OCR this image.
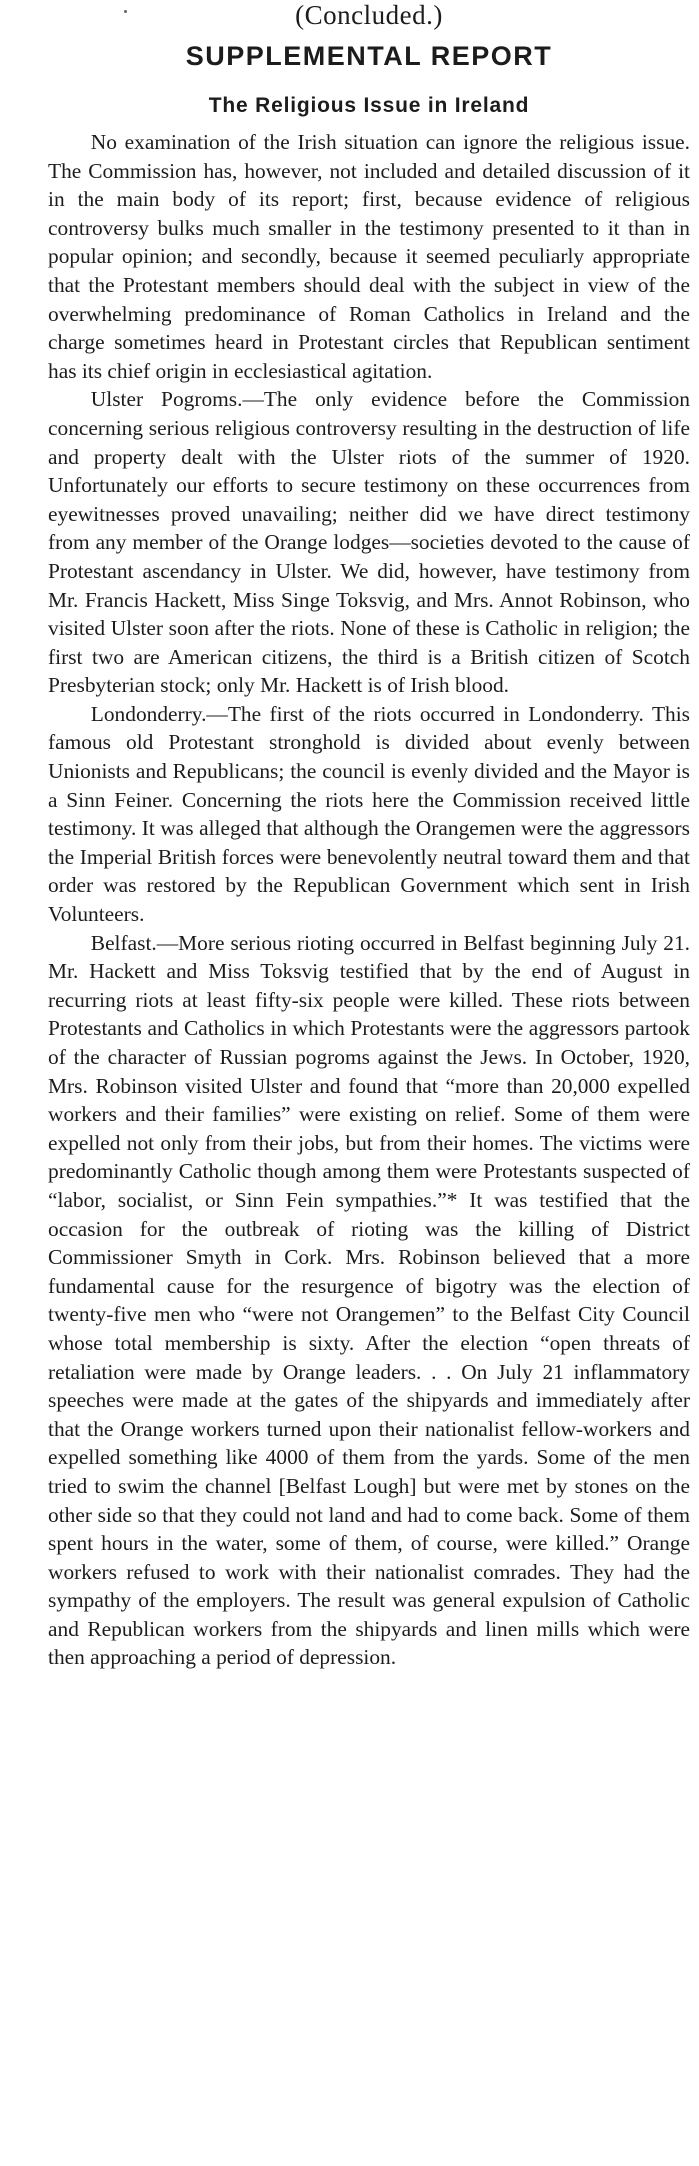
(Concluded.)

SUPPLEMENTAL REPORT
The Religious Issue in Ireland

No examination of the Irish situation can ignore the religious issue. The Commission has, however, not included and detailed discussion of it in the main body of its report; first, because evidence of religious controversy bulks much smaller in the testimony presented to it than in popular opinion; and secondly, because it seemed peculiarly appropriate that the Protestant members should deal with the subject in view of the overwhelming predominance of Roman Catholics in Ireland and the charge sometimes heard in Protestant circles that Republican sentiment has its chief origin in ecclesiastical agitation.

Ulster Pogroms.—The only evidence before the Commission concerning serious religious controversy resulting in the destruction of life and property dealt with the Ulster riots of the summer of 1920. Unfortunately our efforts to secure testimony on these occurrences from eyewitnesses proved unavailing; neither did we have direct testimony from any member of the Orange lodges—societies devoted to the cause of Protestant ascendancy in Ulster. We did, however, have testimony from Mr. Francis Hackett, Miss Singe Toksvig, and Mrs. Annot Robinson, who visited Ulster soon after the riots. None of these is Catholic in religion; the first two are American citizens, the third is a British citizen of Scotch Presbyterian stock; only Mr. Hackett is of Irish blood.

Londonderry.—The first of the riots occurred in Londonderry. This famous old Protestant stronghold is divided about evenly between Unionists and Republicans; the council is evenly divided and the Mayor is a Sinn Feiner. Concerning the riots here the Commission received little testimony. It was alleged that although the Orangemen were the aggressors the Imperial British forces were benevolently neutral toward them and that order was restored by the Republican Government which sent in Irish Volunteers.

Belfast.—More serious rioting occurred in Belfast beginning July 21. Mr. Hackett and Miss Toksvig testified that by the end of August in recurring riots at least fifty-six people were killed. These riots between Protestants and Catholics in which Protestants were the aggressors partook of the character of Russian pogroms against the Jews. In October, 1920, Mrs. Robinson visited Ulster and found that “more than 20,000 expelled workers and their families” were existing on relief. Some of them were expelled not only from their jobs, but from their homes. The victims were predominantly Catholic though among them were Protestants suspected of “labor, socialist, or Sinn Fein sympathies.”* It was testified that the occasion for the outbreak of rioting was the killing of District Commissioner Smyth in Cork. Mrs. Robinson believed that a more fundamental cause for the resurgence of bigotry was the election of twenty-five men who “were not Orangemen” to the Belfast City Council whose total membership is sixty. After the election “open threats of retaliation were made by Orange leaders. . . On July 21 inflammatory speeches were made at the gates of the shipyards and immediately after that the Orange workers turned upon their nationalist fellow-workers and expelled something like 4000 of them from the yards. Some of the men tried to swim the channel [Belfast Lough] but were met by stones on the other side so that they could not land and had to come back. Some of them spent hours in the water, some of them, of course, were killed.” Orange workers refused to work with their nationalist comrades. They had the sympathy of the employers. The result was general expulsion of Catholic and Republican workers from the shipyards and linen mills which were then approaching a period of depression.
